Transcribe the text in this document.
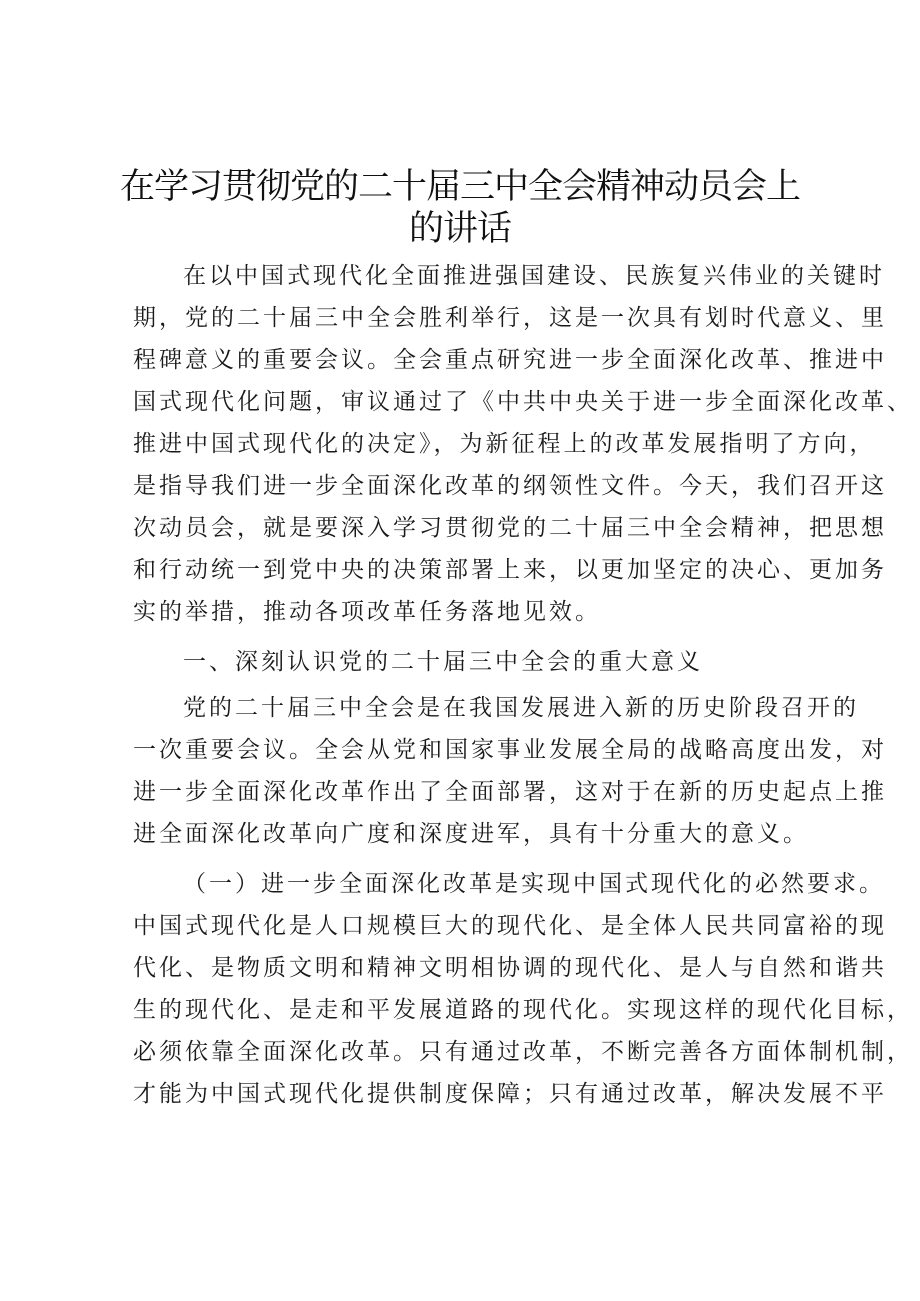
在学习贯彻党的二十届三中全会精神动员会上
的讲话
在以中国式现代化全面推进强国建设、民族复兴伟业的关键时
期，党的二十届三中全会胜利举行，这是一次具有划时代意义、里
程碑意义的重要会议。全会重点研究进一步全面深化改革、推进中
国式现代化问题，审议通过了《中共中央关于进一步全面深化改革、
推进中国式现代化的决定》，为新征程上的改革发展指明了方向，
是指导我们进一步全面深化改革的纲领性文件。今天，我们召开这
次动员会，就是要深入学习贯彻党的二十届三中全会精神，把思想
和行动统一到党中央的决策部署上来，以更加坚定的决心、更加务
实的举措，推动各项改革任务落地见效。
一、深刻认识党的二十届三中全会的重大意义
党的二十届三中全会是在我国发展进入新的历史阶段召开的
一次重要会议。全会从党和国家事业发展全局的战略高度出发，对
进一步全面深化改革作出了全面部署，这对于在新的历史起点上推
进全面深化改革向广度和深度进军，具有十分重大的意义。
（一）进一步全面深化改革是实现中国式现代化的必然要求。
中国式现代化是人口规模巨大的现代化、是全体人民共同富裕的现
代化、是物质文明和精神文明相协调的现代化、是人与自然和谐共
生的现代化、是走和平发展道路的现代化。实现这样的现代化目标，
必须依靠全面深化改革。只有通过改革，不断完善各方面体制机制，
才能为中国式现代化提供制度保障；只有通过改革，解决发展不平
